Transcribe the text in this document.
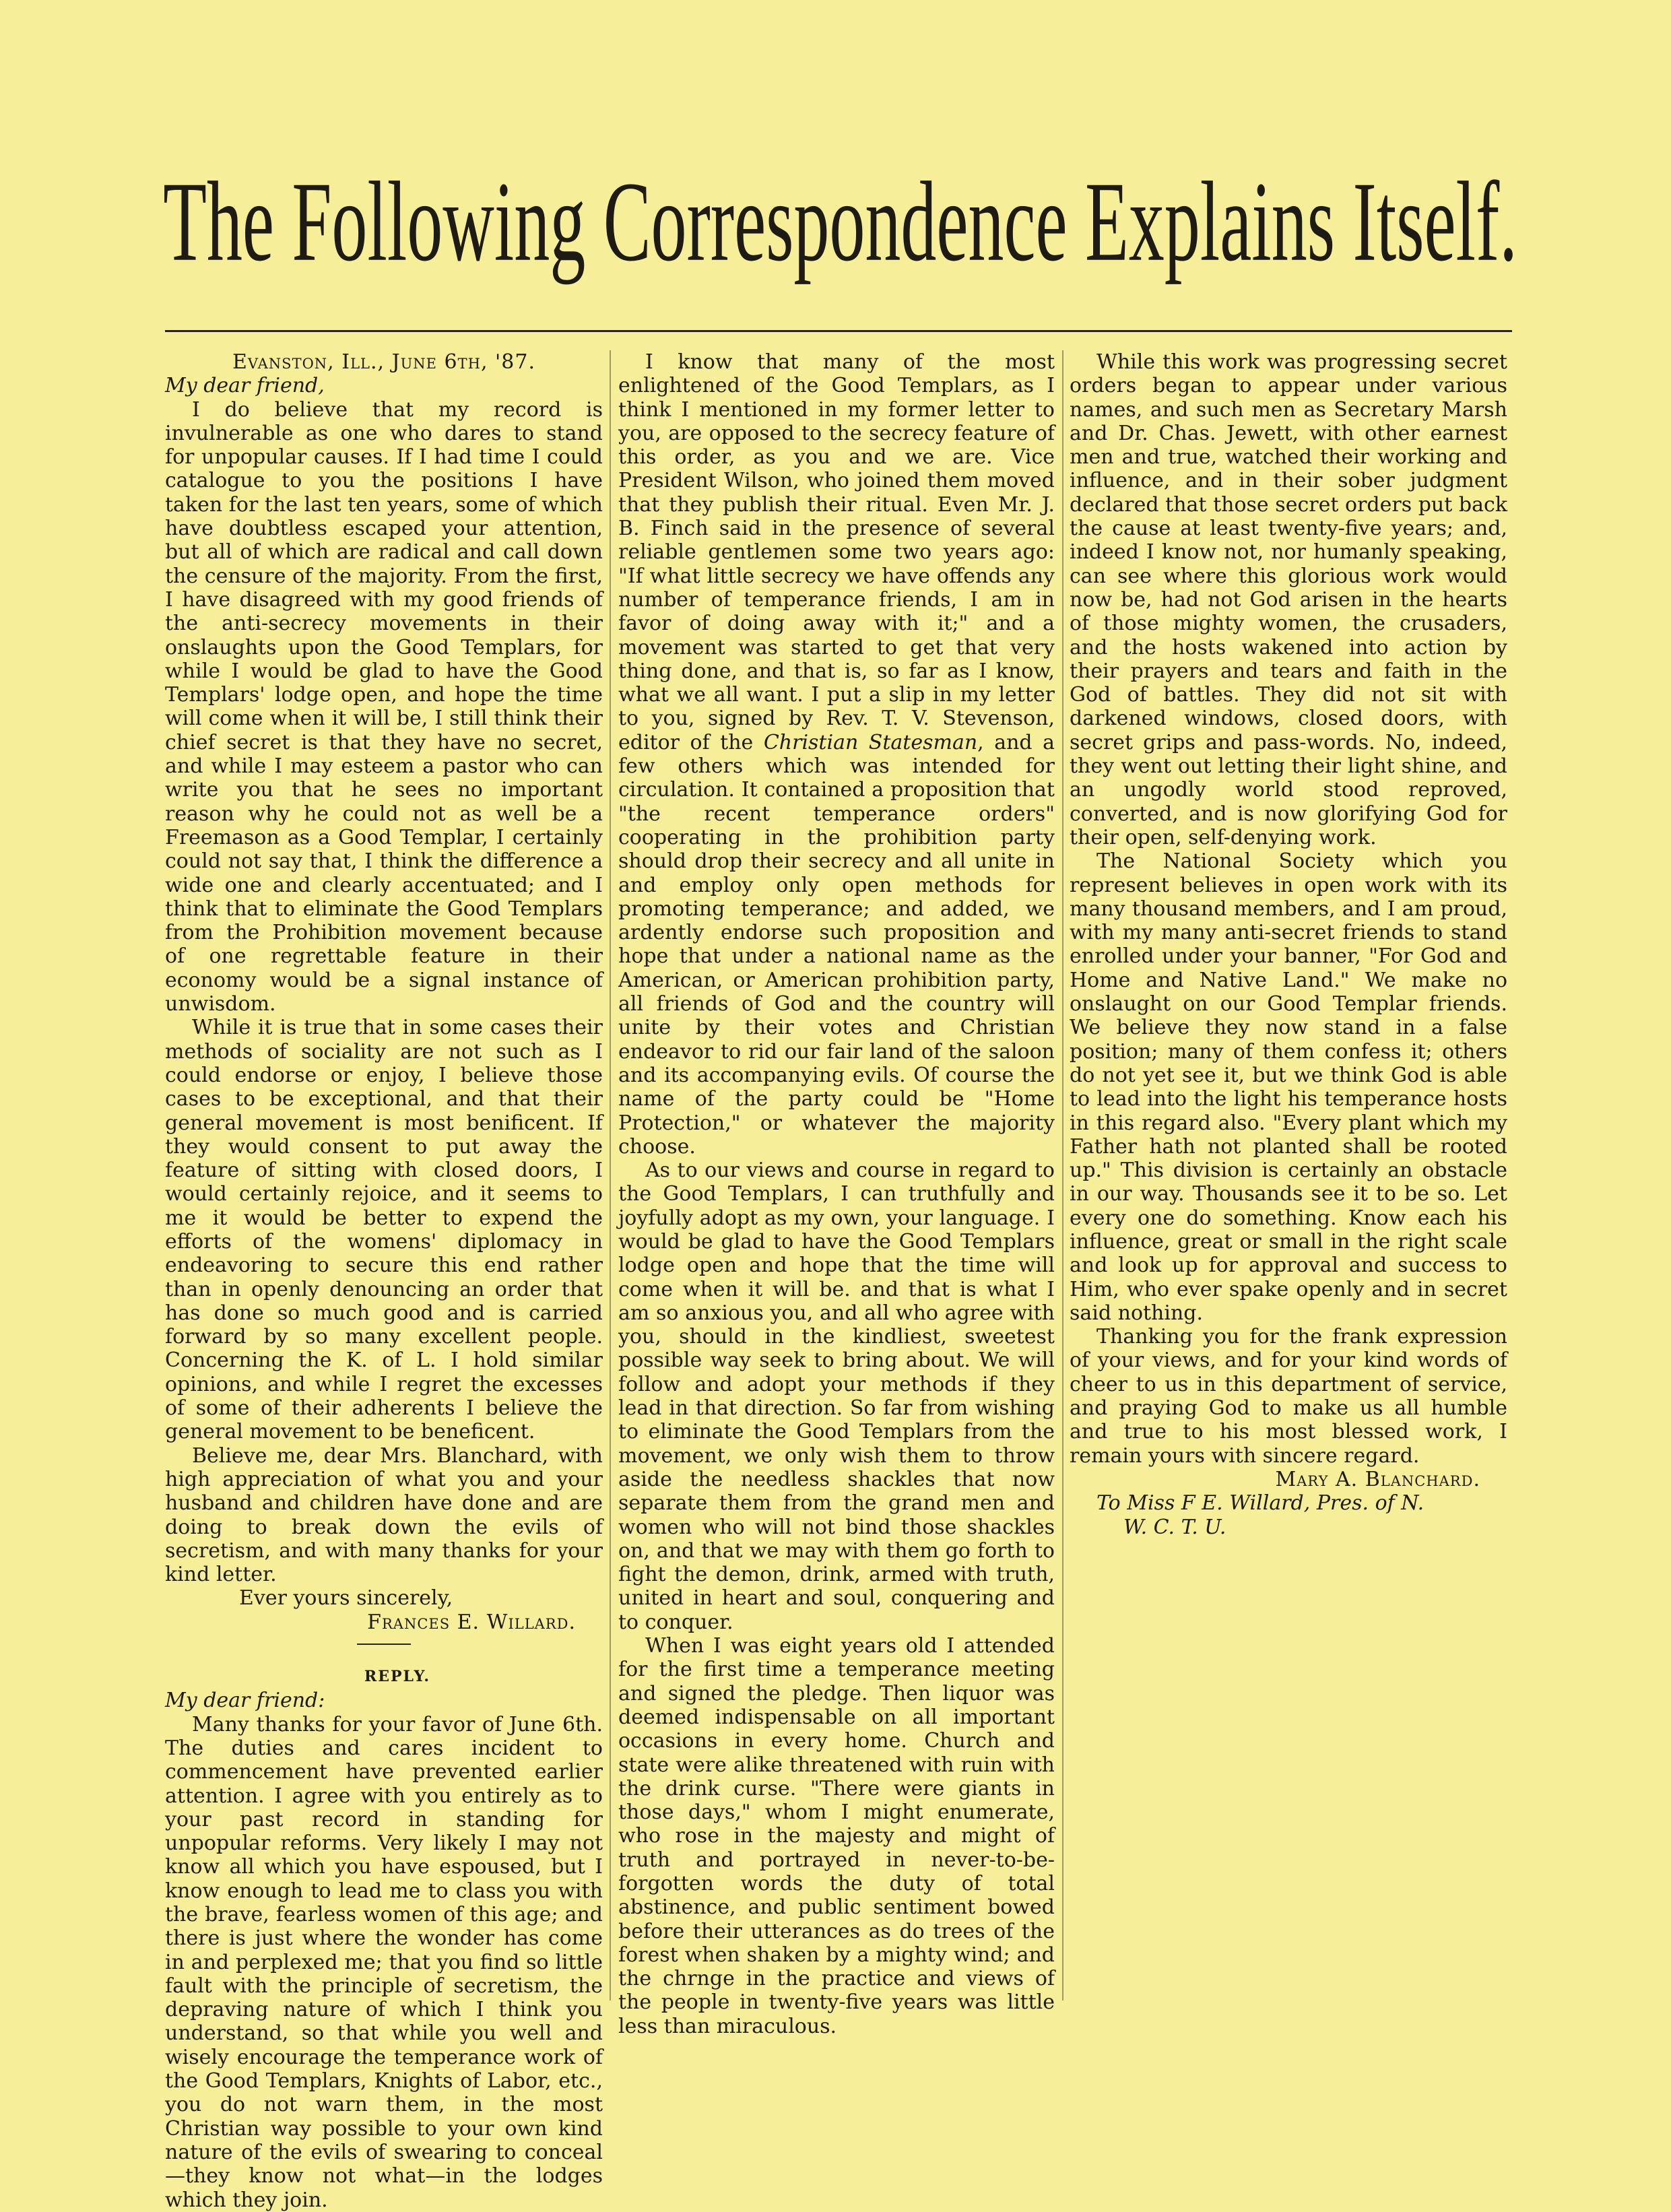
The Following Correspondence Explains Itself.

Evanston, Ill., June 6th, '87.

My dear friend,

I do believe that my record is invulnerable as one who dares to stand for unpopular causes. If I had time I could catalogue to you the positions I have taken for the last ten years, some of which have doubtless escaped your attention, but all of which are radical and call down the censure of the majority. From the first, I have disagreed with my good friends of the anti-secrecy movements in their onslaughts upon the Good Templars, for while I would be glad to have the Good Templars' lodge open, and hope the time will come when it will be, I still think their chief secret is that they have no secret, and while I may esteem a pastor who can write you that he sees no important reason why he could not as well be a Freemason as a Good Templar, I certainly could not say that, I think the difference a wide one and clearly accentuated; and I think that to eliminate the Good Templars from the Prohibition movement because of one regrettable feature in their economy would be a signal instance of unwisdom.

While it is true that in some cases their methods of sociality are not such as I could endorse or enjoy, I believe those cases to be exceptional, and that their general movement is most benificent. If they would consent to put away the feature of sitting with closed doors, I would certainly rejoice, and it seems to me it would be better to expend the efforts of the womens' diplomacy in endeavoring to secure this end rather than in openly denouncing an order that has done so much good and is carried forward by so many excellent people. Concerning the K. of L. I hold similar opinions, and while I regret the excesses of some of their adherents I believe the general movement to be beneficent.

Believe me, dear Mrs. Blanchard, with high appreciation of what you and your husband and children have done and are doing to break down the evils of secretism, and with many thanks for your kind letter.

Ever yours sincerely,

Frances E. Willard.

REPLY.

My dear friend:

Many thanks for your favor of June 6th. The duties and cares incident to commencement have prevented earlier attention. I agree with you entirely as to your past record in standing for unpopular reforms. Very likely I may not know all which you have espoused, but I know enough to lead me to class you with the brave, fearless women of this age; and there is just where the wonder has come in and perplexed me; that you find so little fault with the principle of secretism, the depraving nature of which I think you understand, so that while you well and wisely encourage the temperance work of the Good Templars, Knights of Labor, etc., you do not warn them, in the most Christian way possible to your own kind nature of the evils of swearing to conceal—they know not what—in the lodges which they join.

I know that many of the most enlightened of the Good Templars, as I think I mentioned in my former letter to you, are opposed to the secrecy feature of this order, as you and we are. Vice President Wilson, who joined them moved that they publish their ritual. Even Mr. J. B. Finch said in the presence of several reliable gentlemen some two years ago: "If what little secrecy we have offends any number of temperance friends, I am in favor of doing away with it;" and a movement was started to get that very thing done, and that is, so far as I know, what we all want. I put a slip in my letter to you, signed by Rev. T. V. Stevenson, editor of the Christian Statesman, and a few others which was intended for circulation. It contained a proposition that "the recent temperance orders" cooperating in the prohibition party should drop their secrecy and all unite in and employ only open methods for promoting temperance; and added, we ardently endorse such proposition and hope that under a national name as the American, or American prohibition party, all friends of God and the country will unite by their votes and Christian endeavor to rid our fair land of the saloon and its accompanying evils. Of course the name of the party could be "Home Protection," or whatever the majority choose.

As to our views and course in regard to the Good Templars, I can truthfully and joyfully adopt as my own, your language. I would be glad to have the Good Templars lodge open and hope that the time will come when it will be. and that is what I am so anxious you, and all who agree with you, should in the kindliest, sweetest possible way seek to bring about. We will follow and adopt your methods if they lead in that direction. So far from wishing to eliminate the Good Templars from the movement, we only wish them to throw aside the needless shackles that now separate them from the grand men and women who will not bind those shackles on, and that we may with them go forth to fight the demon, drink, armed with truth, united in heart and soul, conquering and to conquer.

When I was eight years old I attended for the first time a temperance meeting and signed the pledge. Then liquor was deemed indispensable on all important occasions in every home. Church and state were alike threatened with ruin with the drink curse. "There were giants in those days," whom I might enumerate, who rose in the majesty and might of truth and portrayed in never-to-be-forgotten words the duty of total abstinence, and public sentiment bowed before their utterances as do trees of the forest when shaken by a mighty wind; and the chrnge in the practice and views of the people in twenty-five years was little less than miraculous.

While this work was progressing secret orders began to appear under various names, and such men as Secretary Marsh and Dr. Chas. Jewett, with other earnest men and true, watched their working and influence, and in their sober judgment declared that those secret orders put back the cause at least twenty-five years; and, indeed I know not, nor humanly speaking, can see where this glorious work would now be, had not God arisen in the hearts of those mighty women, the crusaders, and the hosts wakened into action by their prayers and tears and faith in the God of battles. They did not sit with darkened windows, closed doors, with secret grips and pass-words. No, indeed, they went out letting their light shine, and an ungodly world stood reproved, converted, and is now glorifying God for their open, self-denying work.

The National Society which you represent believes in open work with its many thousand members, and I am proud, with my many anti-secret friends to stand enrolled under your banner, "For God and Home and Native Land." We make no onslaught on our Good Templar friends. We believe they now stand in a false position; many of them confess it; others do not yet see it, but we think God is able to lead into the light his temperance hosts in this regard also. "Every plant which my Father hath not planted shall be rooted up." This division is certainly an obstacle in our way. Thousands see it to be so. Let every one do something. Know each his influence, great or small in the right scale and look up for approval and success to Him, who ever spake openly and in secret said nothing.

Thanking you for the frank expression of your views, and for your kind words of cheer to us in this department of service, and praying God to make us all humble and true to his most blessed work, I remain yours with sincere regard.

Mary A. Blanchard.

To Miss F E. Willard, Pres. of N.
W. C. T. U.
